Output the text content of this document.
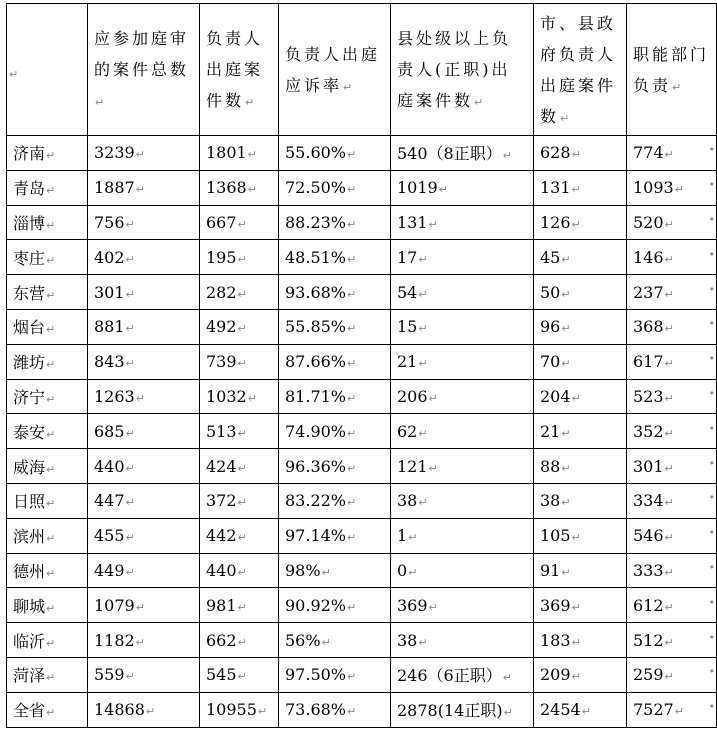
↵	应参加庭审的案件总数↵	负责人出庭案件数↵	负责人出庭应诉率↵	县处级以上负责人(正职)出庭案件数↵	市、县政府负责人出庭案件数↵	职能部门负责↵

济南↵	3239↵	1801↵	55.60%↵	540（8正职）↵	628↵	774↵ •

青岛↵	1887↵	1368↵	72.50%↵	1019↵	131↵	1093↵ •

淄博↵	756↵	667↵	88.23%↵	131↵	126↵	520↵ •

枣庄↵	402↵	195↵	48.51%↵	17↵	45↵	146↵ •

东营↵	301↵	282↵	93.68%↵	54↵	50↵	237↵ •

烟台↵	881↵	492↵	55.85%↵	15↵	96↵	368↵ •

潍坊↵	843↵	739↵	87.66%↵	21↵	70↵	617↵ •

济宁↵	1263↵	1032↵	81.71%↵	206↵	204↵	523↵ •

泰安↵	685↵	513↵	74.90%↵	62↵	21↵	352↵ •

威海↵	440↵	424↵	96.36%↵	121↵	88↵	301↵ •

日照↵	447↵	372↵	83.22%↵	38↵	38↵	334↵ •

滨州↵	455↵	442↵	97.14%↵	1↵	105↵	546↵ •

德州↵	449↵	440↵	98%↵	0↵	91↵	333↵ •

聊城↵	1079↵	981↵	90.92%↵	369↵	369↵	612↵ •

临沂↵	1182↵	662↵	56%↵	38↵	183↵	512↵ •

菏泽↵	559↵	545↵	97.50%↵	246（6正职）↵	209↵	259↵ •

全省↵	14868↵	10955↵	73.68%↵	2878(14正职)↵	2454↵	7527↵ •
